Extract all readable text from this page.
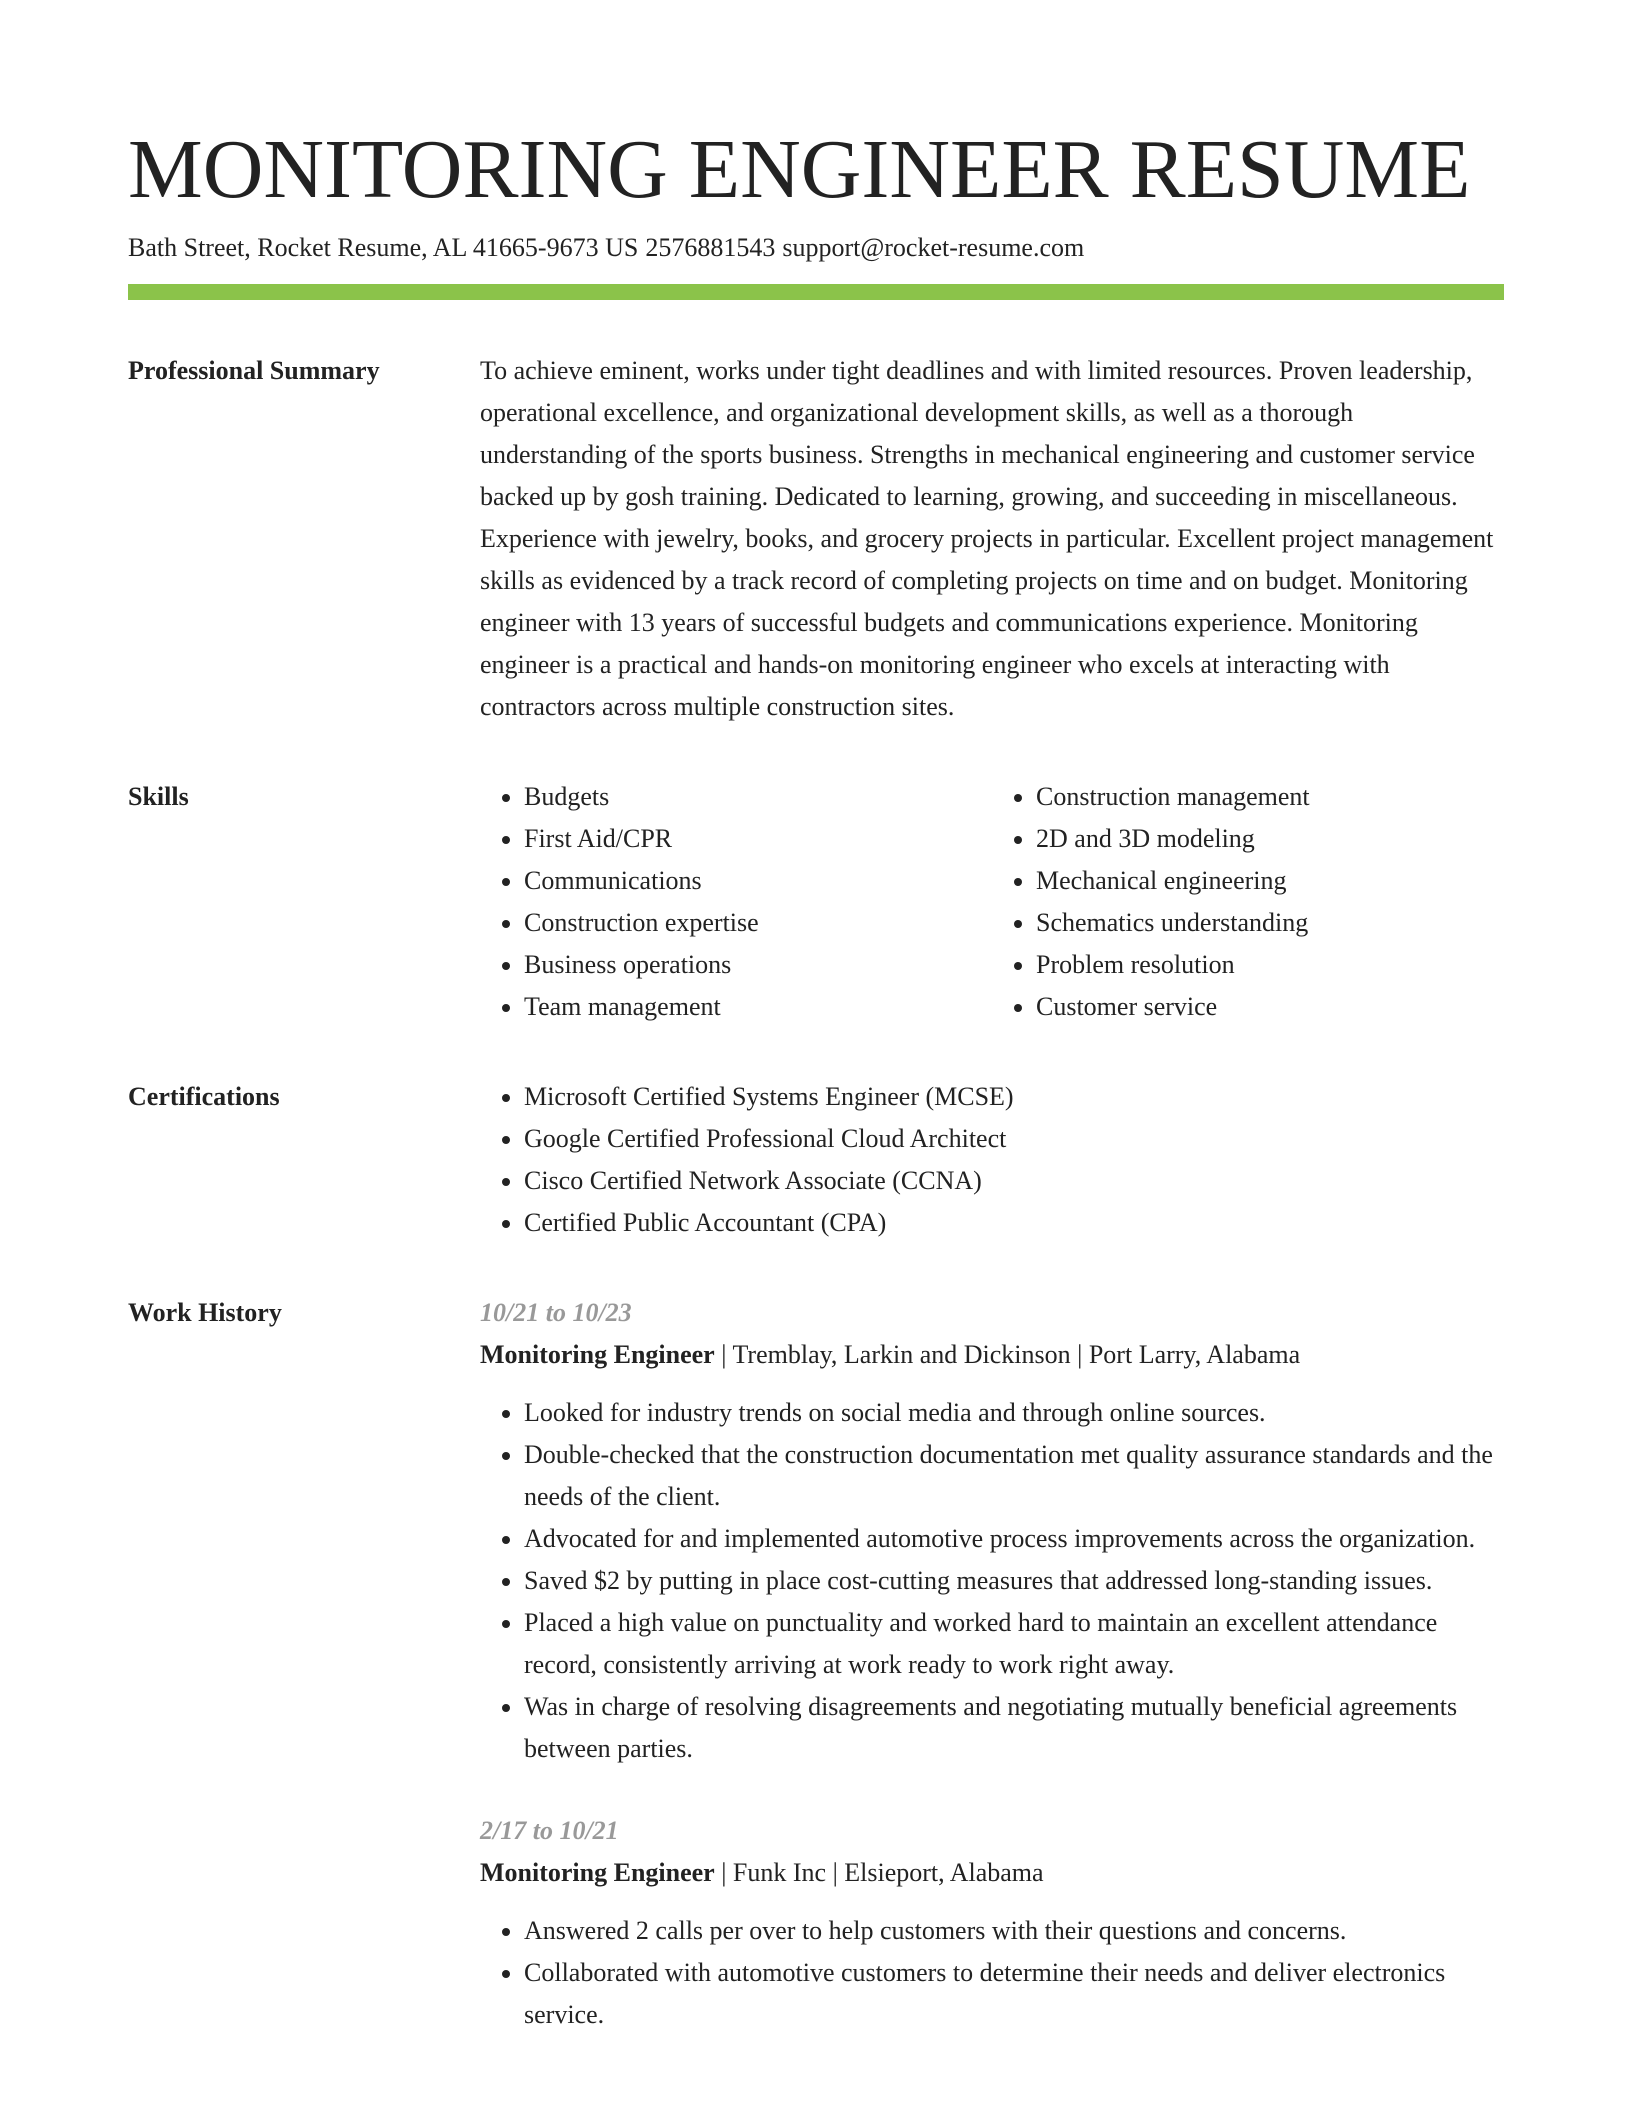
MONITORING ENGINEER RESUME
Bath Street, Rocket Resume, AL 41665-9673 US 2576881543 support@rocket-resume.com
Professional Summary	To achieve eminent, works under tight deadlines and with limited resources. Proven leadership, operational excellence, and organizational development skills, as well as a thorough understanding of the sports business. Strengths in mechanical engineering and customer service backed up by gosh training. Dedicated to learning, growing, and succeeding in miscellaneous. Experience with jewelry, books, and grocery projects in particular. Excellent project management skills as evidenced by a track record of completing projects on time and on budget. Monitoring engineer with 13 years of successful budgets and communications experience. Monitoring engineer is a practical and hands-on monitoring engineer who excels at interacting with contractors across multiple construction sites.

Skills	• Budgets
• First Aid/CPR
• Communications
• Construction expertise
• Business operations
• Team management
• Construction management
• 2D and 3D modeling
• Mechanical engineering
• Schematics understanding
• Problem resolution
• Customer service
Certifications	• Microsoft Certified Systems Engineer (MCSE)
• Google Certified Professional Cloud Architect
• Cisco Certified Network Associate (CCNA)
• Certified Public Accountant (CPA)
Work History	10/21 to 10/23
Monitoring Engineer | Tremblay, Larkin and Dickinson | Port Larry, Alabama
• Looked for industry trends on social media and through online sources.
• Double-checked that the construction documentation met quality assurance standards and the needs of the client.
• Advocated for and implemented automotive process improvements across the organization.
• Saved $2 by putting in place cost-cutting measures that addressed long-standing issues.
• Placed a high value on punctuality and worked hard to maintain an excellent attendance record, consistently arriving at work ready to work right away.
• Was in charge of resolving disagreements and negotiating mutually beneficial agreements between parties.
2/17 to 10/21
Monitoring Engineer | Funk Inc | Elsieport, Alabama
• Answered 2 calls per over to help customers with their questions and concerns.
• Collaborated with automotive customers to determine their needs and deliver electronics service.
